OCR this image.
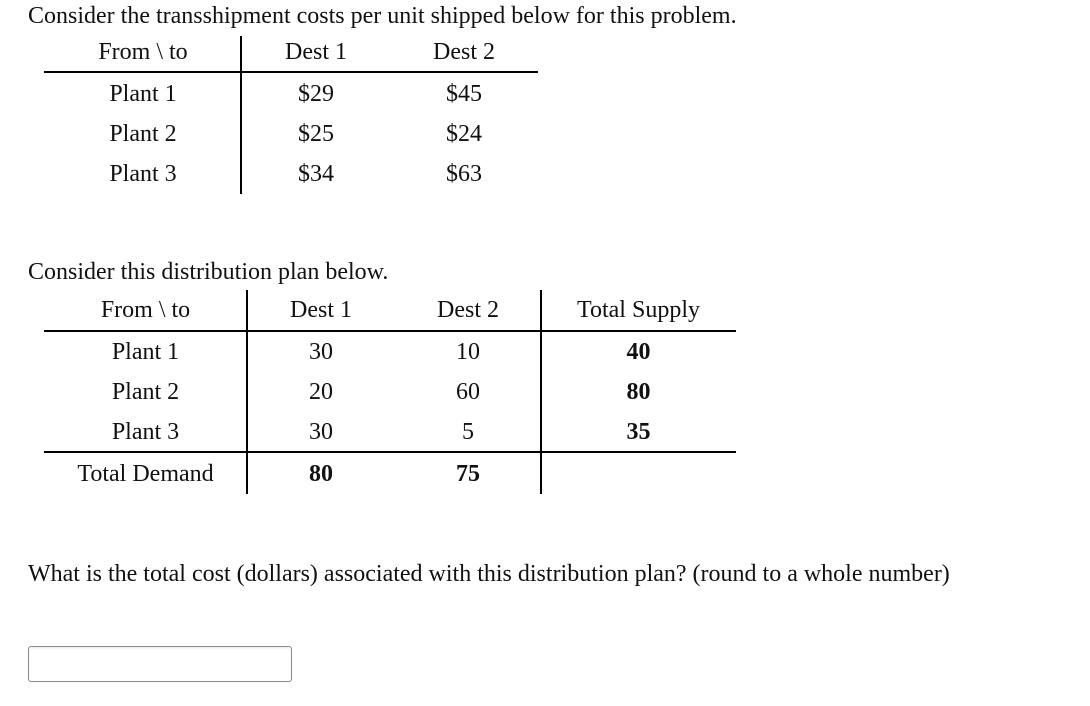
Consider the transshipment costs per unit shipped below for this problem.
From \ to	Dest 1	Dest 2
Plant 1	$29	$45
Plant 2	$25	$24
Plant 3	$34	$63
Consider this distribution plan below.
From \ to	Dest 1	Dest 2	Total Supply
Plant 1	30	10	40
Plant 2	20	60	80
Plant 3	30	5	35
Total Demand	80	75
What is the total cost (dollars) associated with this distribution plan? (round to a whole number)
